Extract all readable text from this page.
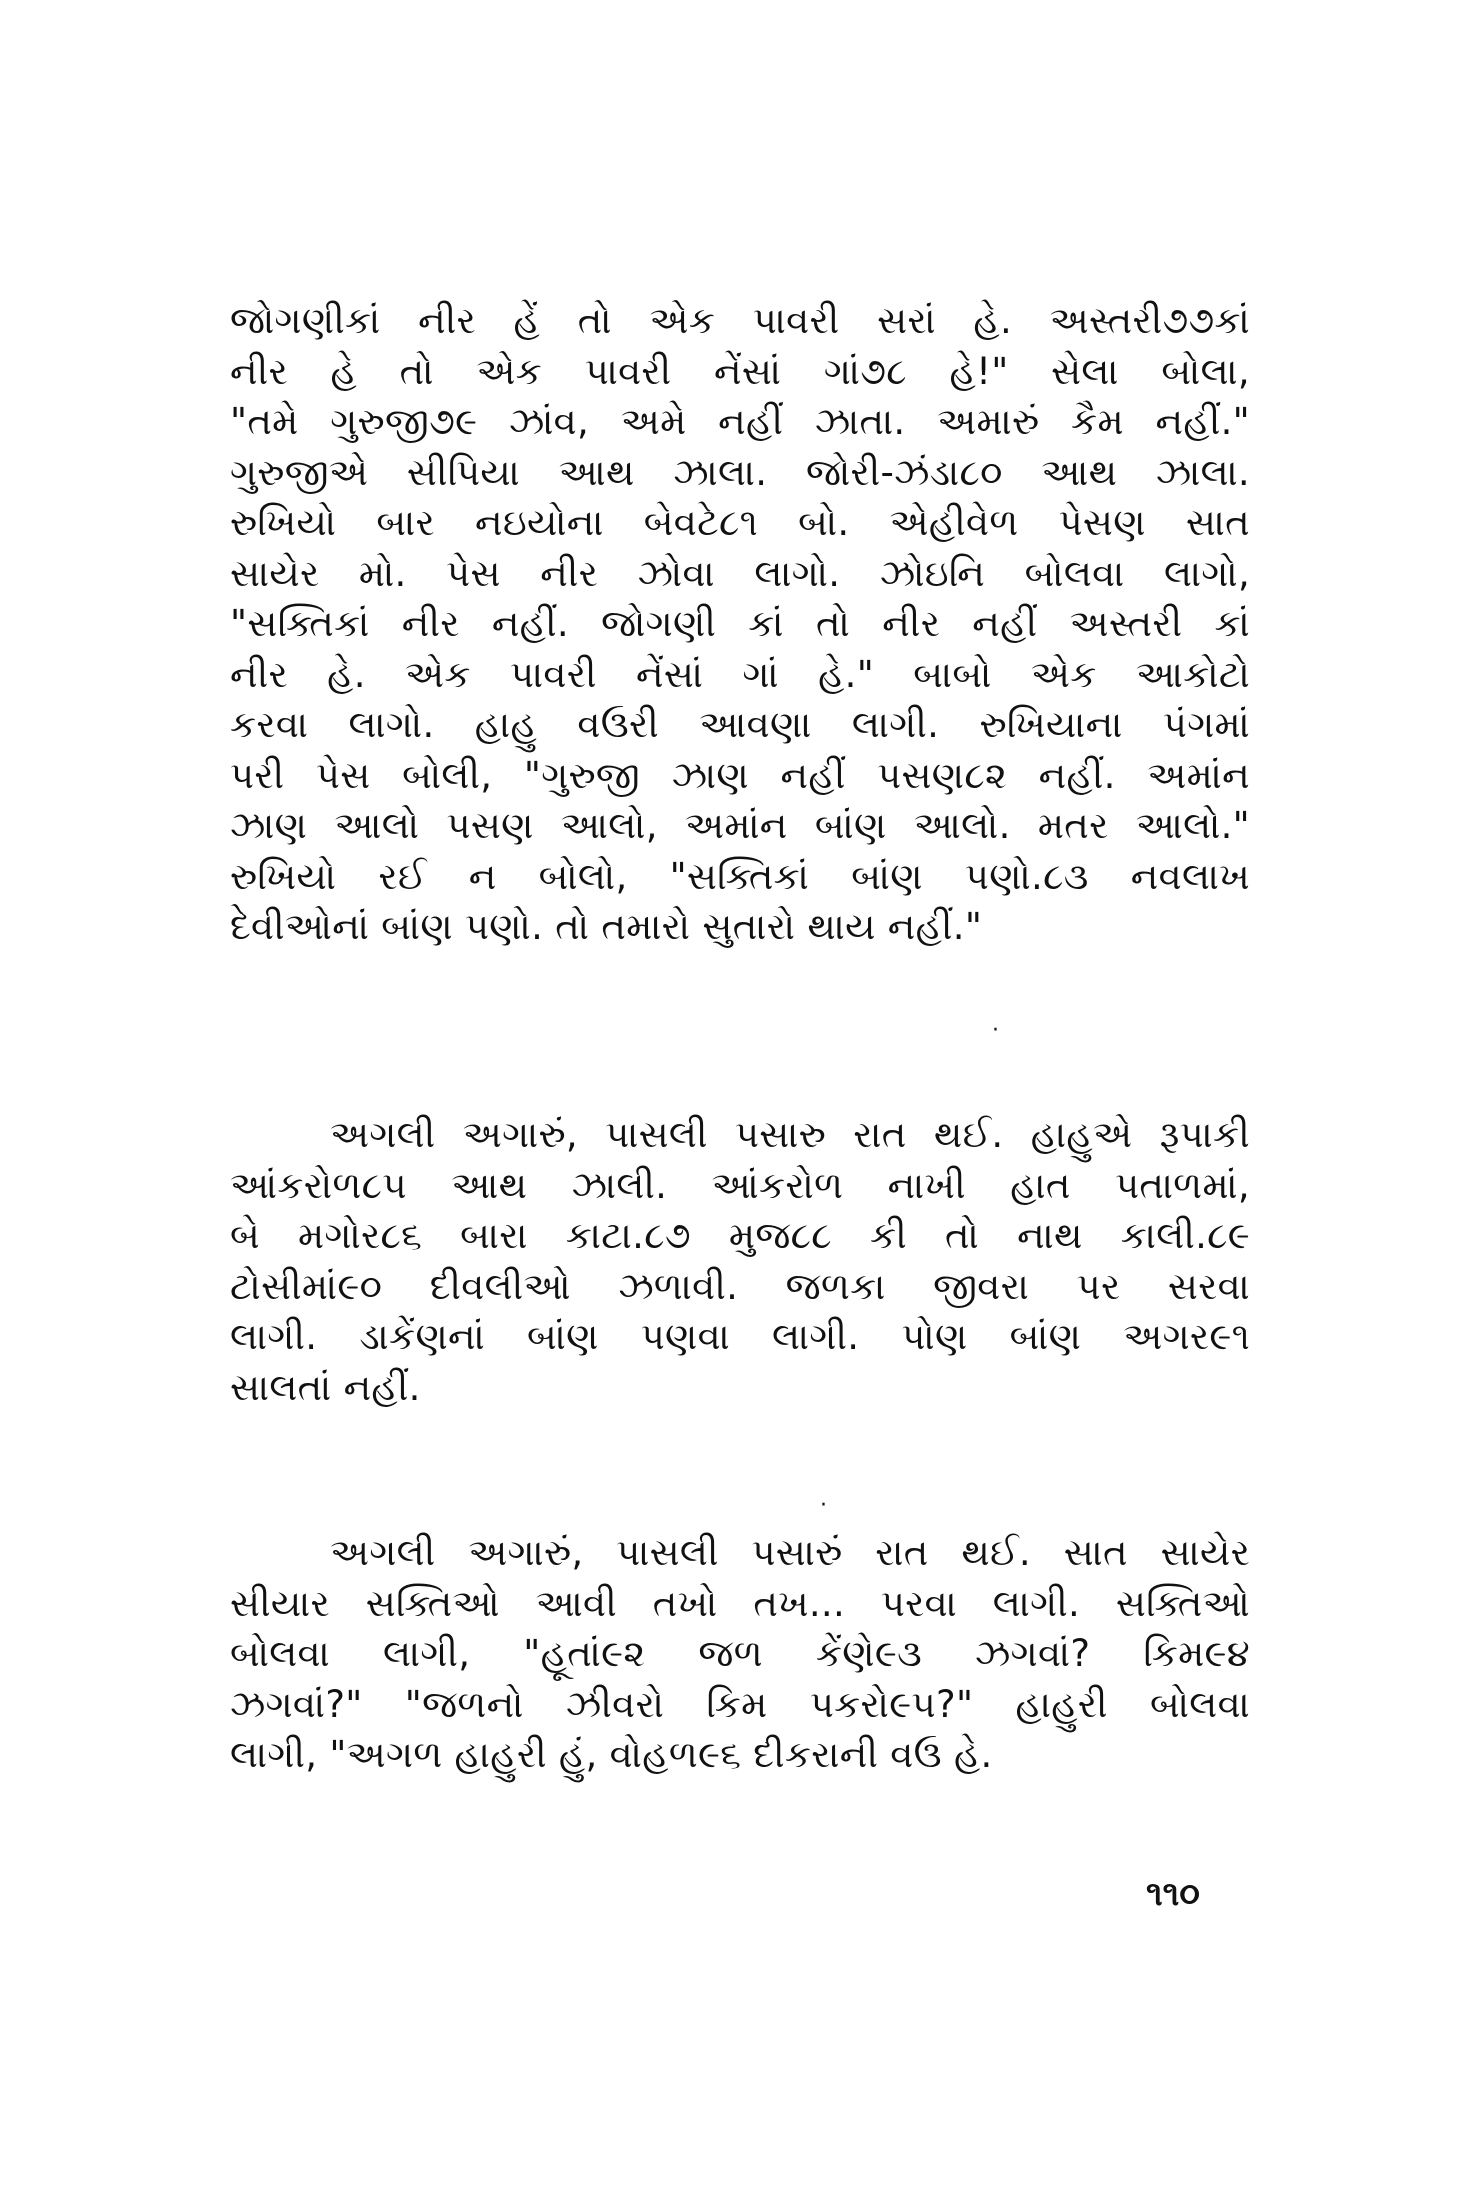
જોગણીકાં નીર હેં તો એક પાવરી સરાં હે. અસ્તરી૭૭કાં
નીર હે તો એક પાવરી નેંસાં ગાં૭૮ હે!" સેલા બોલા,
"તમે ગુરુજી૭૯ ઝાંવ, અમે નહીં ઝાતા. અમારું કૈમ નહીં."
ગુરુજીએ સીપિયા આથ ઝાલા. જોરી-ઝંડા૮૦ આથ ઝાલા.
રુખિયો બાર નઇયોના બેવટે૮૧ બો. એહીવેળ પેસણ સાત
સાયેર મો. પેસ નીર ઝોવા લાગો. ઝોઇનિ બોલવા લાગો,
"સક્તિકાં નીર નહીં. જોગણી કાં તો નીર નહીં અસ્તરી કાં
નીર હે. એક પાવરી નેંસાં ગાં હે." બાબો એક આકોટો
કરવા લાગો. હાહુ વઉરી આવણા લાગી. રુખિયાના પંગમાં
પરી પેસ બોલી, "ગુરુજી ઝાણ નહીં પસણ૮૨ નહીં. અમાંન
ઝાણ આલો પસણ આલો, અમાંન બાંણ આલો. મતર આલો."
રુખિયો રઈ ન બોલો, "સક્તિકાં બાંણ પણો.૮૩ નવલાખ
દેવીઓનાં બાંણ પણો. તો તમારો સુતારો થાય નહીં."
·
અગલી અગારું, પાસલી પસારુ રાત થઈ. હાહુએ રૂપાકી
આંકરોળ૮૫ આથ ઝાલી. આંકરોળ નાખી હાત પતાળમાં,
બે મગોર૮૬ બારા કાટા.૮૭ મુજ૮૮ કી તો નાથ કાલી.૮૯
ટોસીમાં૯૦ દીવલીઓ ઝળાવી. જળકા જીવરા પર સરવા
લાગી. ડાકેંણનાં બાંણ પણવા લાગી. પોણ બાંણ અગર૯૧
સાલતાં નહીં.
·
અગલી અગારું, પાસલી પસારું રાત થઈ. સાત સાયેર
સીયાર સક્તિઓ આવી તખો તખ... પરવા લાગી. સક્તિઓ
બોલવા લાગી, "હૂતાં૯૨ જળ કેંણે૯૩ ઝગવાં? કિમ૯૪
ઝગવાં?" "જળનો ઝીવરો કિમ પકરો૯૫?" હાહુરી બોલવા
લાગી, "અગળ હાહુરી હું, વોહળ૯૬ દીકરાની વઉ હે.
૧૧૦
